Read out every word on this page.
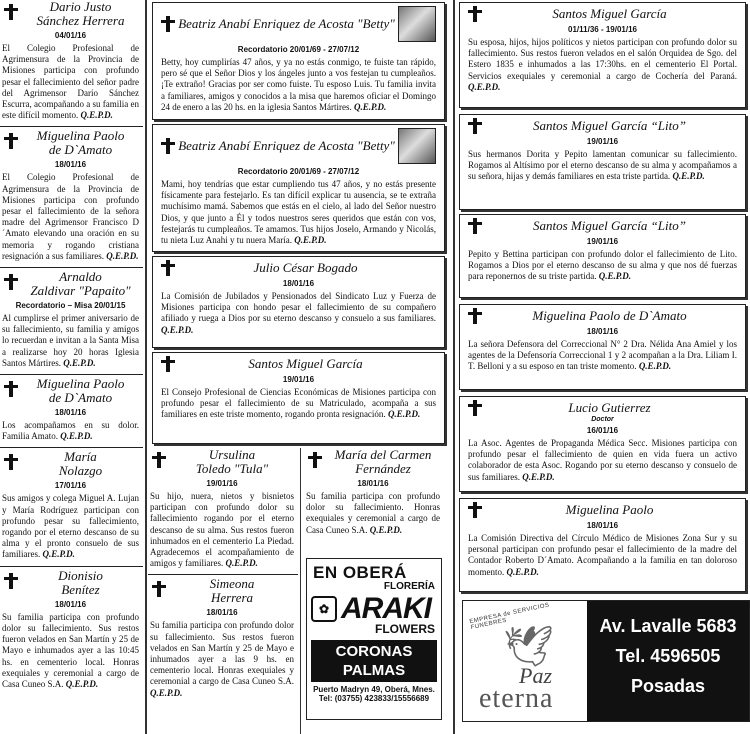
Dario Justo
Sánchez Herrera
04/01/16
El Colegio Profesional de Agrimensura de la Provincia de Misiones participa con profundo pesar el fallecimiento del señor padre del Agrimensor Darío Sánchez Escurra, acompañando a su familia en este difícil momento. Q.E.P.D.
Miguelina Paolo
de D`Amato
18/01/16
El Colegio Profesional de Agrimensura de la Provincia de Misiones participa con profundo pesar el fallecimiento de la señora madre del Agrimensor Francisco D´Amato elevando una oración en su memoria y rogando cristiana resignación a sus familiares. Q.E.P.D.
Arnaldo
Zaldivar "Papaito"
Recordatorio – Misa 20/01/15
Al cumplirse el primer aniversario de su fallecimiento, su familia y amigos lo recuerdan e invitan a la Santa Misa a realizarse hoy 20 horas Iglesia Santos Mártires. Q.E.P.D.
Miguelina Paolo
de D`Amato
18/01/16
Los acompañamos en su dolor. Familia Amato. Q.E.P.D.
María
Nolazgo
17/01/16
Sus amigos y colega Miguel A. Lujan y María Rodríguez participan con profundo pesar su fallecimiento, rogando por el eterno descanso de su alma y el pronto consuelo de sus familiares. Q.E.P.D.
Dionisio
Benítez
18/01/16
Su familia participa con profundo dolor su fallecimiento. Sus restos fueron velados en San Martín y 25 de Mayo e inhumados ayer a las 10:45 hs. en cementerio local. Honras exequiales y ceremonial a cargo de Casa Cuneo S.A. Q.E.P.D.
Beatriz Anabí Enriquez de Acosta "Betty"
Recordatorio 20/01/69 - 27/07/12
Betty, hoy cumplirías 47 años, y ya no estás conmigo, te fuiste tan rápido, pero sé que el Señor Dios y los ángeles junto a vos festejan tu cumpleaños. ¡Te extraño! Gracias por ser como fuiste. Tu esposo Luis. Tu familia invita a familiares, amigos y conocidos a la misa que haremos oficiar el Domingo 24 de enero a las 20 hs. en la iglesia Santos Mártires. Q.E.P.D.
Beatriz Anabí Enriquez de Acosta "Betty"
Recordatorio 20/01/69 - 27/07/12
Mami, hoy tendrías que estar cumpliendo tus 47 años, y no estás presente físicamente para festejarlo. Es tan difícil explicar tu ausencia, se te extraña muchísimo mamá. Sabemos que estás en el cielo, al lado del Señor nuestro Dios, y que junto a Él y todos nuestros seres queridos que están con vos, festejarás tu cumpleaños. Te amamos. Tus hijos Joselo, Armando y Nicolás, tu nieta Luz Anahi y tu nuera María. Q.E.P.D.
Julio César Bogado
18/01/16
La Comisión de Jubilados y Pensionados del Sindicato Luz y Fuerza de Misiones participa con hondo pesar el fallecimiento de su compañero afiliado y ruega a Dios por su eterno descanso y consuelo a sus familiares. Q.E.P.D.
Santos Miguel García
19/01/16
El Consejo Profesional de Ciencias Económicas de Misiones participa con profundo pesar el fallecimiento de su Matriculado, acompaña a sus familiares en este triste momento, rogando pronta resignación. Q.E.P.D.
Ursulina
Toledo "Tula"
19/01/16
Su hijo, nuera, nietos y bisnietos participan con profundo dolor su fallecimiento rogando por el eterno descanso de su alma. Sus restos fueron inhumados en el cementerio La Piedad. Agradecemos el acompañamiento de amigos y familiares. Q.E.P.D.
Simeona
Herrera
18/01/16
Su familia participa con profundo dolor su fallecimiento. Sus restos fueron velados en San Martín y 25 de Mayo e inhumados ayer a las 9 hs. en cementerio local. Honras exequiales y ceremonial a cargo de Casa Cuneo S.A. Q.E.P.D.
María del Carmen
Fernández
18/01/16
Su familia participa con profundo dolor su fallecimiento. Honras exequiales y ceremonial a cargo de Casa Cuneo S.A. Q.E.P.D.
Santos Miguel García
01/11/36 - 19/01/16
Su esposa, hijos, hijos políticos y nietos participan con profundo dolor su fallecimiento. Sus restos fueron velados en el salón Orquidea de Sgo. del Estero 1835 e inhumados a las 17:30hs. en el cementerio El Portal. Servicios exequiales y ceremonial a cargo de Cochería del Paraná. Q.E.P.D.
Santos Miguel García “Lito”
19/01/16
Sus hermanos Dorita y Pepito lamentan comunicar su fallecimiento. Rogamos al Altísimo por el eterno descanso de su alma y acompañamos a su señora, hijas y demás familiares en esta triste partida. Q.E.P.D.
Santos Miguel García “Lito”
19/01/16
Pepito y Bettina participan con profundo dolor el fallecimiento de Lito. Rogamos a Dios por el eterno descanso de su alma y que nos dé fuerzas para reponernos de su triste partida. Q.E.P.D.
Miguelina Paolo de D`Amato
18/01/16
La señora Defensora del Correccional N° 2 Dra. Nélida Ana Amiel y los agentes de la Defensoría Correccional 1 y 2 acompañan a la Dra. Liliam I. T. Belloni y a su esposo en tan triste momento. Q.E.P.D.
Lucio Gutierrez
Doctor
16/01/16
La Asoc. Agentes de Propaganda Médica Secc. Misiones participa con profundo pesar el fallecimiento de quien en vida fuera un activo colaborador de esta Asoc. Rogando por su eterno descanso y consuelo de sus familiares. Q.E.P.D.
Miguelina Paolo
18/01/16
La Comisión Directiva del Círculo Médico de Misiones Zona Sur y su personal participan con profundo pesar el fallecimiento de la madre del Contador Roberto D´Amato. Acompañando a la familia en tan doloroso momento. Q.E.P.D.
EN OBERÁ
FLORERÍA
✿ ARAKI
FLOWERS
CORONAS
PALMAS
Puerto Madryn 49, Oberá, Mnes.
Tel: (03755) 423833/15556689
EMPRESA de SERVICIOS FUNEBRES
🕊
Paz
eterna
Av. Lavalle 5683
Tel. 4596505
Posadas
